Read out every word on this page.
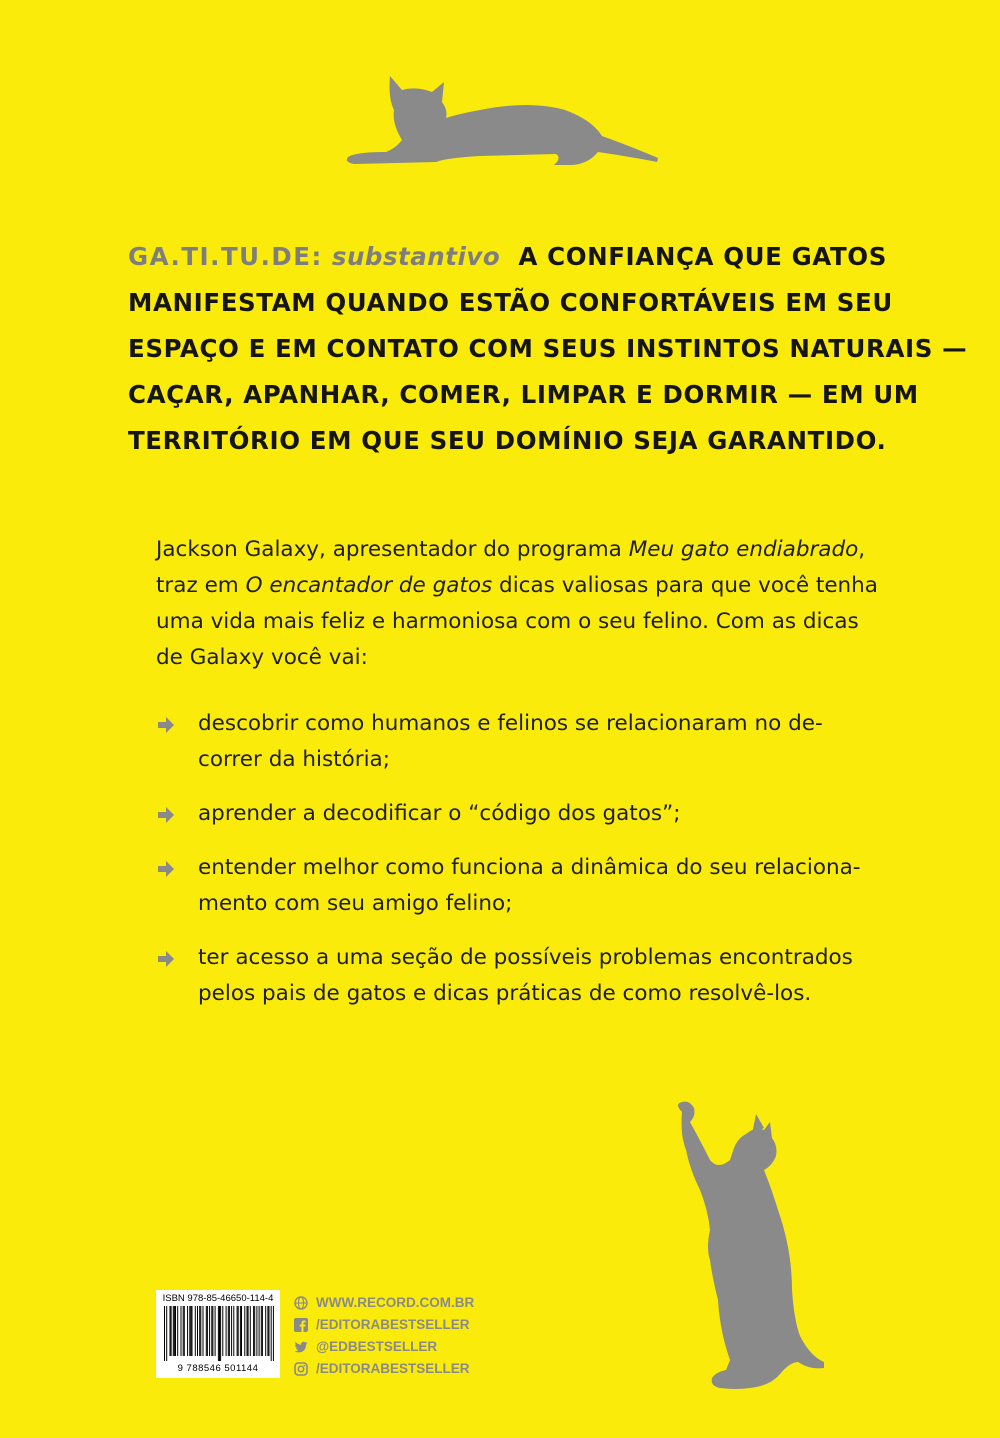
GA.TI.TU.DE: substantivo A CONFIANÇA QUE GATOS
MANIFESTAM QUANDO ESTÃO CONFORTÁVEIS EM SEU
ESPAÇO E EM CONTATO COM SEUS INSTINTOS NATURAIS —
CAÇAR, APANHAR, COMER, LIMPAR E DORMIR — EM UM
TERRITÓRIO EM QUE SEU DOMÍNIO SEJA GARANTIDO.
Jackson Galaxy, apresentador do programa Meu gato endiabrado,
traz em O encantador de gatos dicas valiosas para que você tenha
uma vida mais feliz e harmoniosa com o seu felino. Com as dicas
de Galaxy você vai:
descobrir como humanos e felinos se relacionaram no de-
correr da história;
aprender a decodificar o “código dos gatos”;
entender melhor como funciona a dinâmica do seu relaciona-
mento com seu amigo felino;
ter acesso a uma seção de possíveis problemas encontrados
pelos pais de gatos e dicas práticas de como resolvê-los.
ISBN 978-85-46650-114-4
9 788546 501144
WWW.RECORD.COM.BR
/EDITORABESTSELLER
@EDBESTSELLER
/EDITORABESTSELLER
